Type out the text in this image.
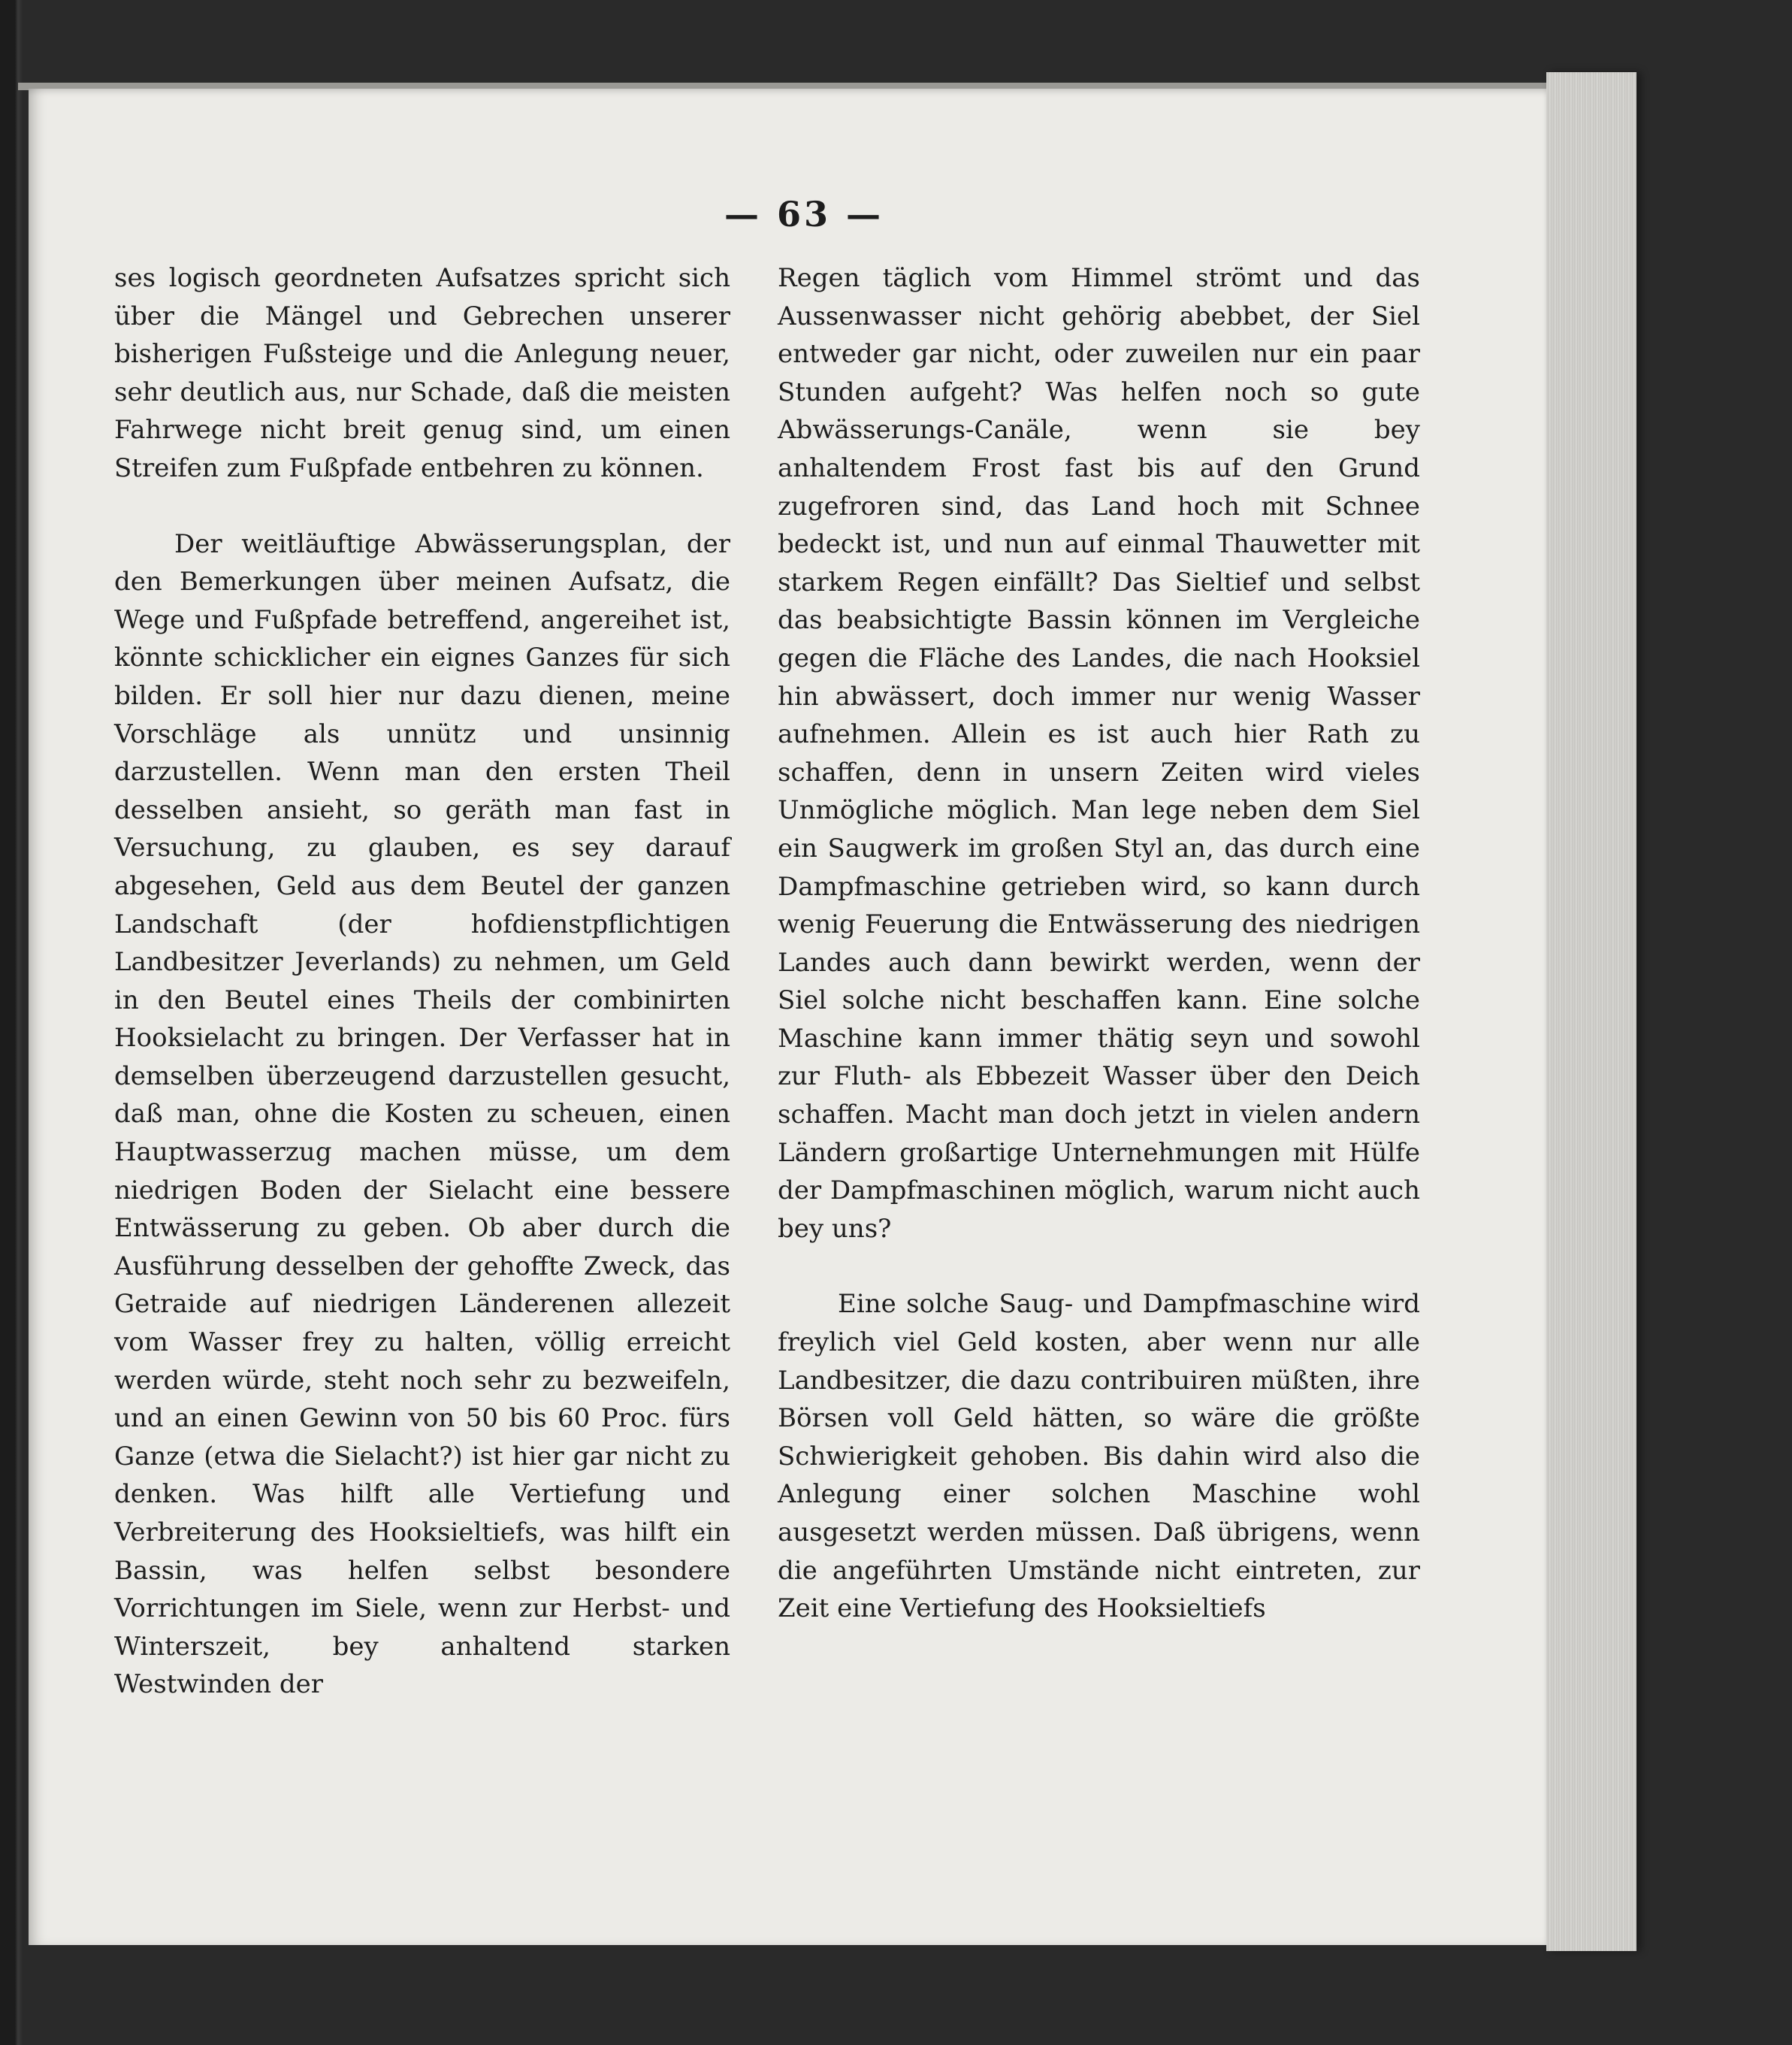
— 63 —

ses logisch geordneten Aufsatzes spricht sich über die Mängel und Gebrechen unserer bisherigen Fußsteige und die Anlegung neuer, sehr deutlich aus, nur Schade, daß die meisten Fahrwege nicht breit genug sind, um einen Streifen zum Fußpfade entbehren zu können.

Der weitläuftige Abwässerungsplan, der den Bemerkungen über meinen Aufsatz, die Wege und Fußpfade betreffend, angereihet ist, könnte schicklicher ein eignes Ganzes für sich bilden. Er soll hier nur dazu dienen, meine Vorschläge als unnütz und unsinnig darzustellen. Wenn man den ersten Theil desselben ansieht, so geräth man fast in Versuchung, zu glauben, es sey darauf abgesehen, Geld aus dem Beutel der ganzen Landschaft (der hofdienstpflichtigen Landbesitzer Jeverlands) zu nehmen, um Geld in den Beutel eines Theils der combinirten Hooksielacht zu bringen. Der Verfasser hat in demselben überzeugend darzustellen gesucht, daß man, ohne die Kosten zu scheuen, einen Hauptwasserzug machen müsse, um dem niedrigen Boden der Sielacht eine bessere Entwässerung zu geben. Ob aber durch die Ausführung desselben der gehoffte Zweck, das Getraide auf niedrigen Länderenen allezeit vom Wasser frey zu halten, völlig erreicht werden würde, steht noch sehr zu bezweifeln, und an einen Gewinn von 50 bis 60 Proc. fürs Ganze (etwa die Sielacht?) ist hier gar nicht zu denken. Was hilft alle Vertiefung und Verbreiterung des Hooksieltiefs, was hilft ein Bassin, was helfen selbst besondere Vorrichtungen im Siele, wenn zur Herbst- und Winterszeit, bey anhaltend starken Westwinden der

Regen täglich vom Himmel strömt und das Aussenwasser nicht gehörig abebbet, der Siel entweder gar nicht, oder zuweilen nur ein paar Stunden aufgeht? Was helfen noch so gute Abwässerungs-Canäle, wenn sie bey anhaltendem Frost fast bis auf den Grund zugefroren sind, das Land hoch mit Schnee bedeckt ist, und nun auf einmal Thauwetter mit starkem Regen einfällt? Das Sieltief und selbst das beabsichtigte Bassin können im Vergleiche gegen die Fläche des Landes, die nach Hooksiel hin abwässert, doch immer nur wenig Wasser aufnehmen. Allein es ist auch hier Rath zu schaffen, denn in unsern Zeiten wird vieles Unmögliche möglich. Man lege neben dem Siel ein Saugwerk im großen Styl an, das durch eine Dampfmaschine getrieben wird, so kann durch wenig Feuerung die Entwässerung des niedrigen Landes auch dann bewirkt werden, wenn der Siel solche nicht beschaffen kann. Eine solche Maschine kann immer thätig seyn und sowohl zur Fluth- als Ebbezeit Wasser über den Deich schaffen. Macht man doch jetzt in vielen andern Ländern großartige Unternehmungen mit Hülfe der Dampfmaschinen möglich, warum nicht auch bey uns?

Eine solche Saug- und Dampfmaschine wird freylich viel Geld kosten, aber wenn nur alle Landbesitzer, die dazu contribuiren müßten, ihre Börsen voll Geld hätten, so wäre die größte Schwierigkeit gehoben. Bis dahin wird also die Anlegung einer solchen Maschine wohl ausgesetzt werden müssen. Daß übrigens, wenn die angeführten Umstände nicht eintreten, zur Zeit eine Vertiefung des Hooksieltiefs
